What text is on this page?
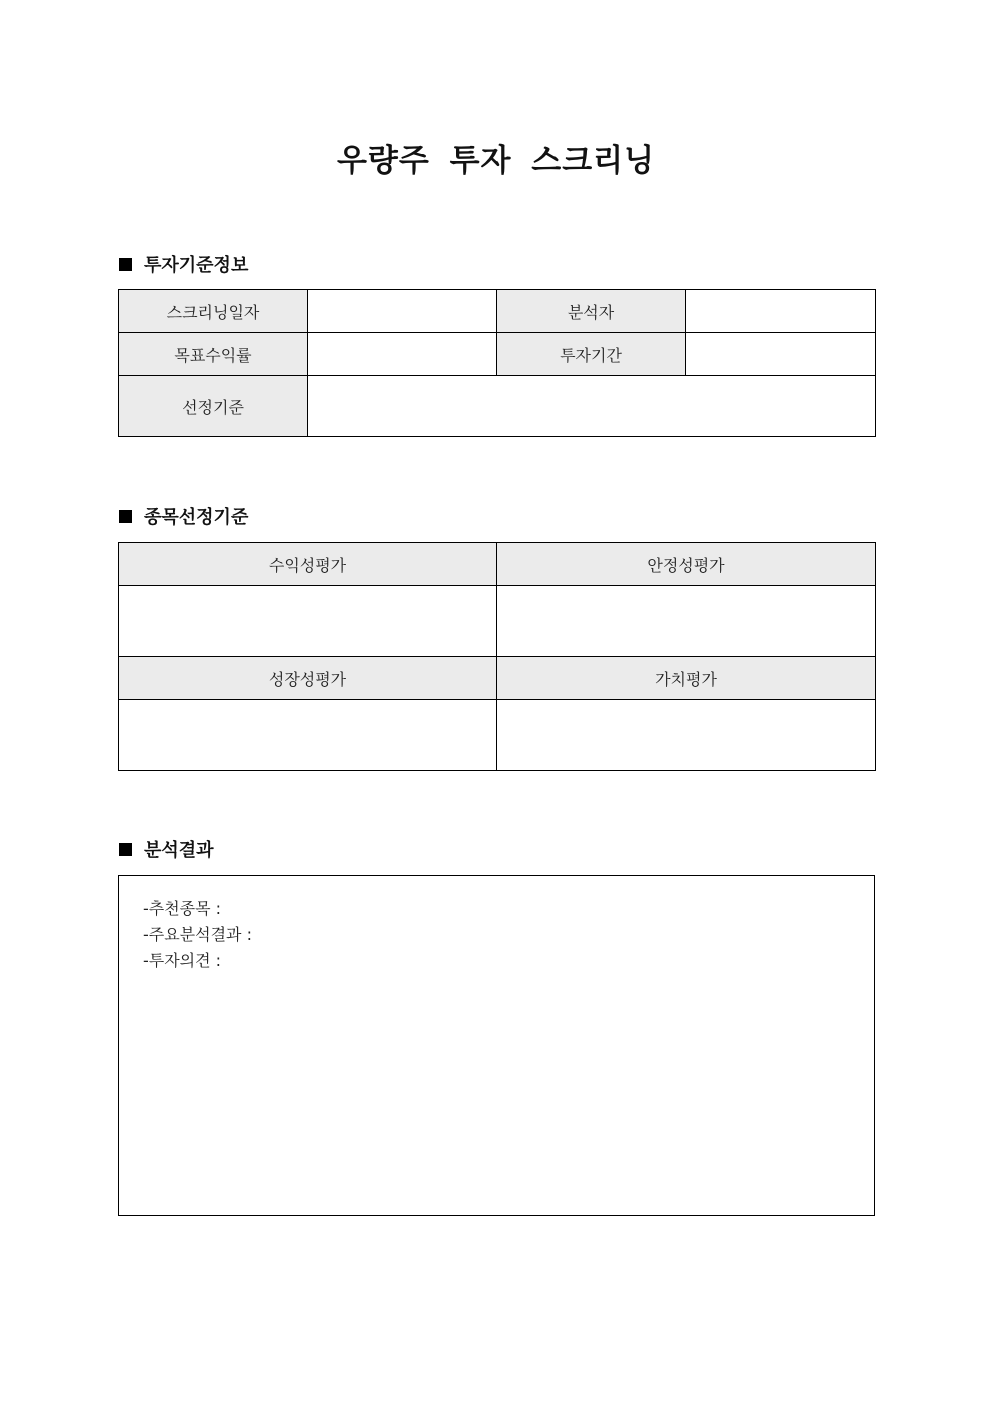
우량주 투자 스크리닝
투자기준정보
스크리닝일자		분석자	
목표수익률		투자기간	
선정기준			
종목선정기준
수익성평가	안정성평가

성장성평가	가치평가

분석결과
-추천종목 :
-주요분석결과 :
-투자의견 :
